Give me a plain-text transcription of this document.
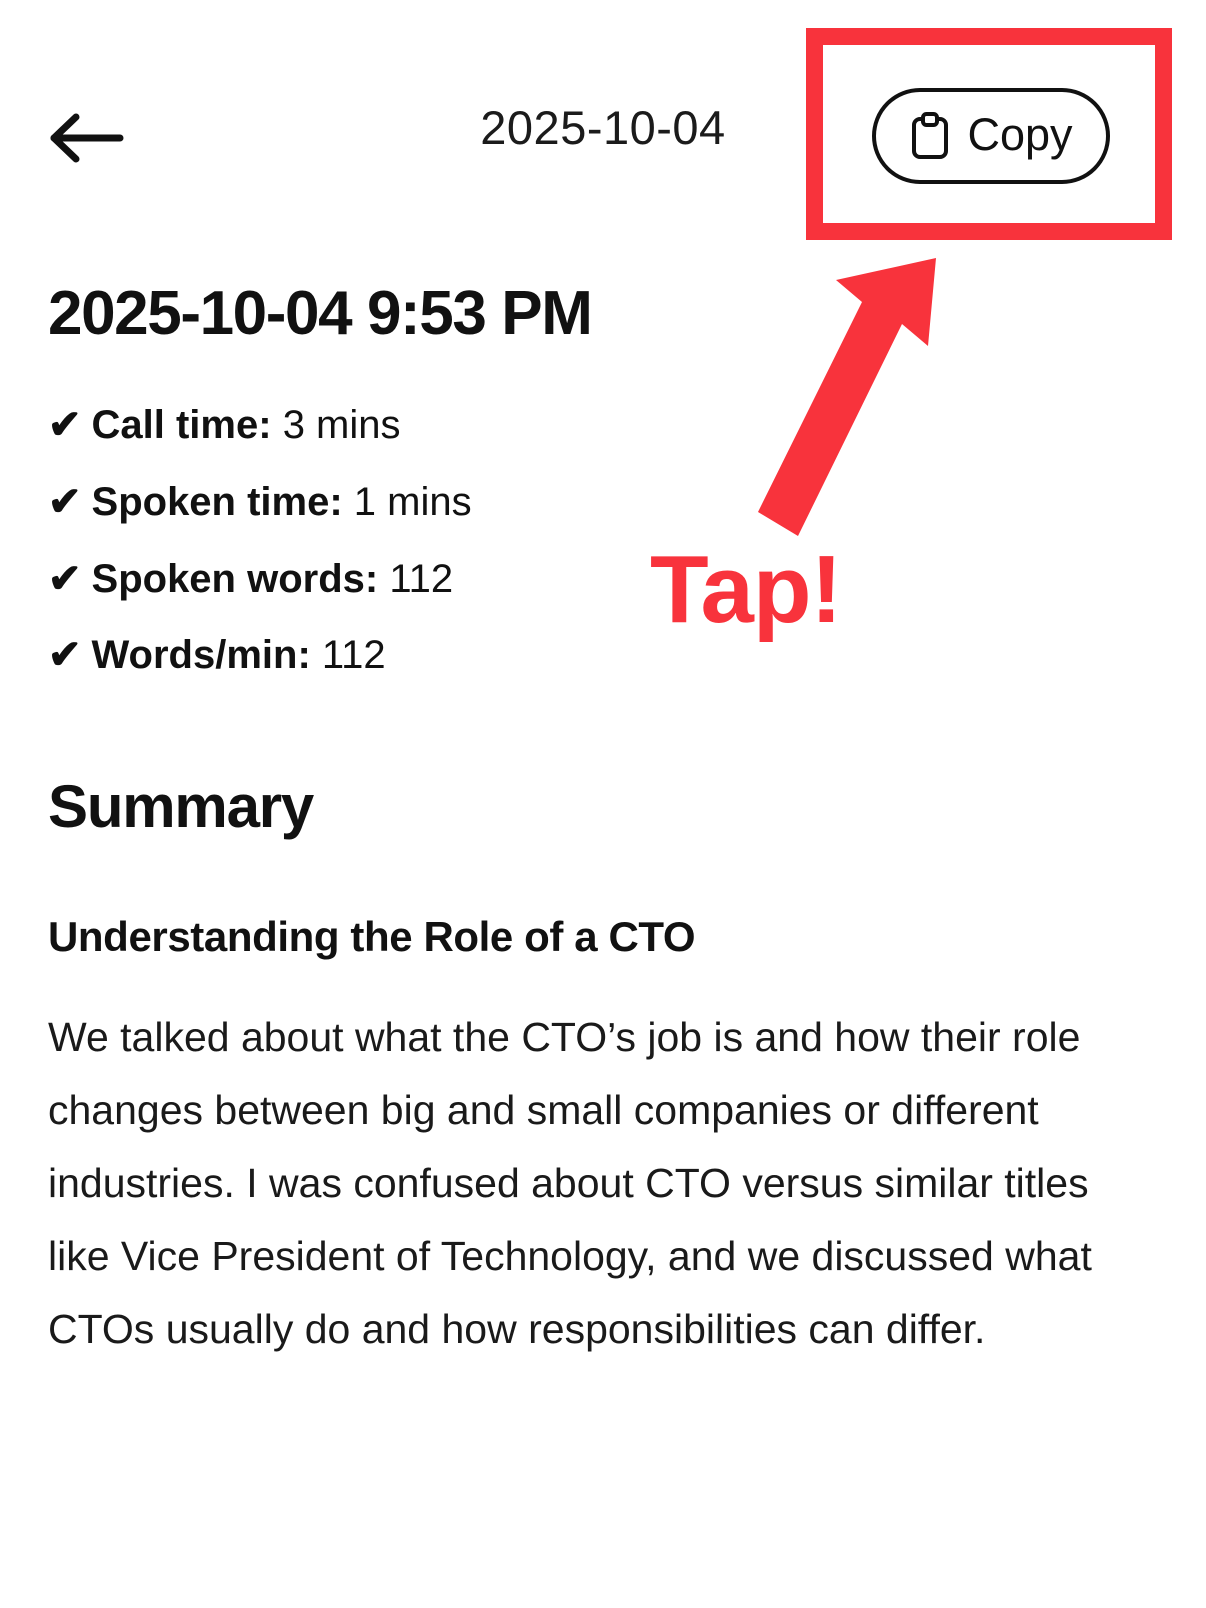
2025-10-04	Copy
Tap!
2025-10-04 9:53 PM
✔ Call time: 3 mins
✔ Spoken time: 1 mins
✔ Spoken words: 112
✔ Words/min: 112
Summary
Understanding the Role of a CTO

We talked about what the CTO’s job is and how their role changes between big and small companies or different industries. I was confused about CTO versus similar titles like Vice President of Technology, and we discussed what CTOs usually do and how responsibilities can differ.
